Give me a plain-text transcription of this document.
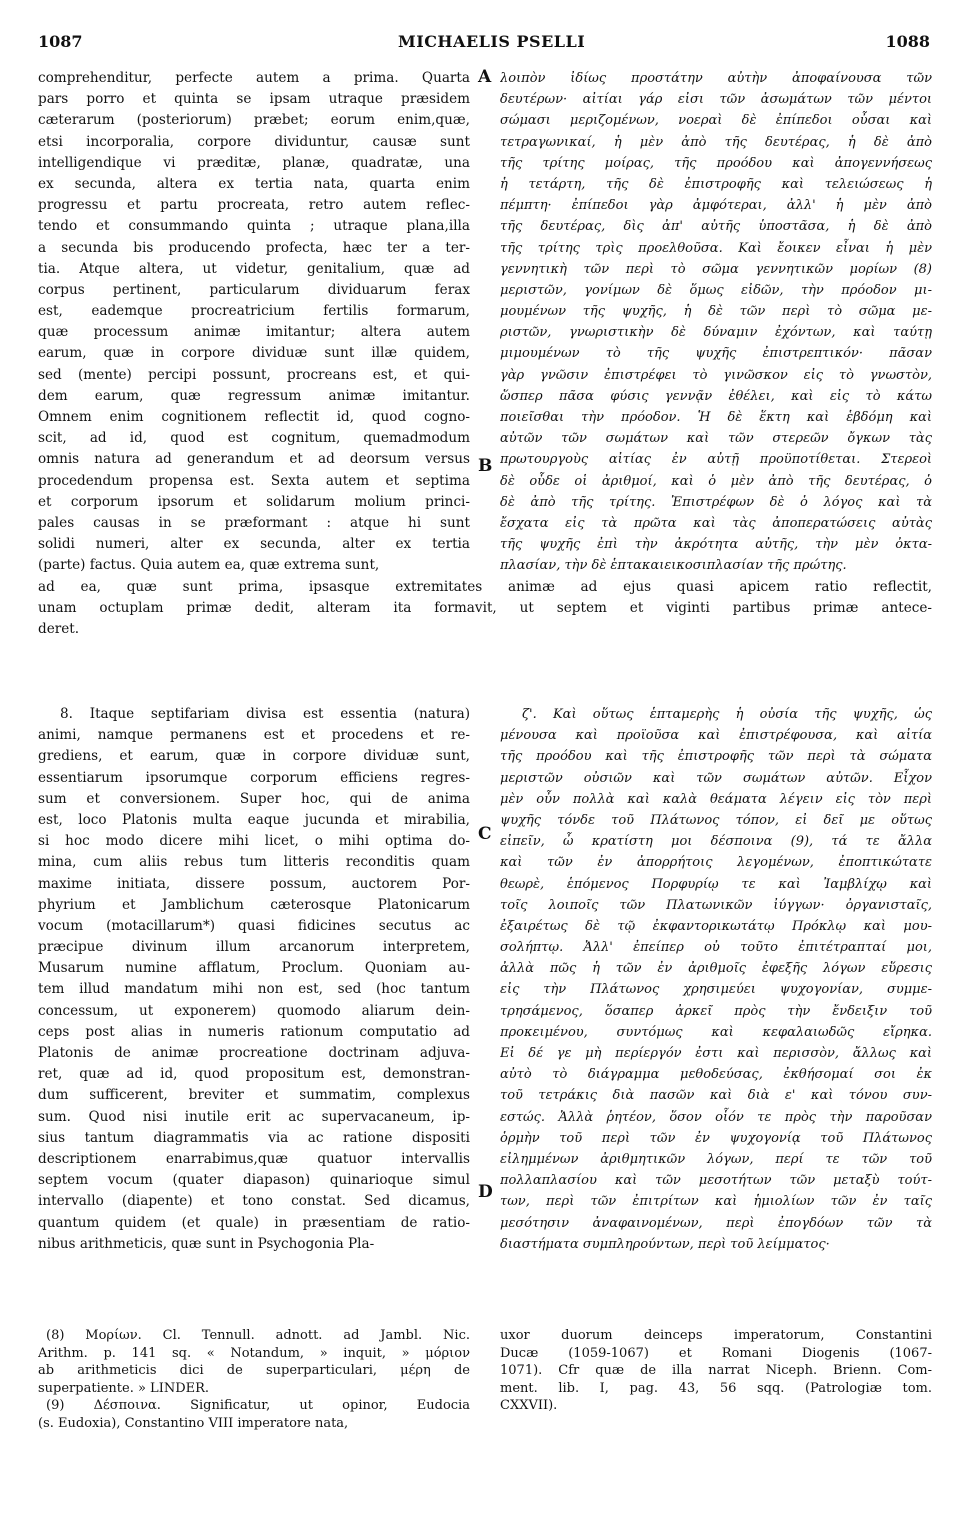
1087	MICHAELIS PSELLI	1088
A
B
C
D
comprehenditur, perfecte autem a prima. Quarta
pars porro et quinta se ipsam utraque præsidem
cæterarum (posteriorum) præbet; eorum enim,quæ,
etsi incorporalia, corpore dividuntur, causæ sunt
intelligendique vi præditæ, planæ, quadratæ, una
ex secunda, altera ex tertia nata, quarta enim
progressu et partu procreata, retro autem reflec-
tendo et consummando quinta ; utraque plana,illa
a secunda bis producendo profecta, hæc ter a ter-
tia. Atque altera, ut videtur, genitalium, quæ ad
corpus pertinent, particularum dividuarum ferax
est, eademque procreatricium fertilis formarum,
quæ processum animæ imitantur; altera autem
earum, quæ in corpore dividuæ sunt illæ quidem,
sed (mente) percipi possunt, procreans est, et qui-
dem earum, quæ regressum animæ imitantur.
Omnem enim cognitionem reflectit id, quod cogno-
scit, ad id, quod est cognitum, quemadmodum
omnis natura ad generandum et ad deorsum versus
procedendum propensa est. Sexta autem et septima
et corporum ipsorum et solidarum molium princi-
pales causas in se præformant : atque hi sunt
solidi numeri, alter ex secunda, alter ex tertia
(parte) factus. Quia autem ea, quæ extrema sunt,
λοιπὸν ἰδίως προστάτην αὐτὴν ἀποφαίνουσα τῶν
δευτέρων· αἰτίαι γάρ εἰσι τῶν ἀσωμάτων τῶν μέντοι
σώμασι μεριζομένων, νοεραὶ δὲ ἐπίπεδοι οὖσαι καὶ
τετραγωνικαί, ἡ μὲν ἀπὸ τῆς δευτέρας, ἡ δὲ ἀπὸ
τῆς τρίτης μοίρας, τῆς προόδου καὶ ἀπογεννήσεως
ἡ τετάρτη, τῆς δὲ ἐπιστροφῆς καὶ τελειώσεως ἡ
πέμπτη· ἐπίπεδοι γὰρ ἀμφότεραι, ἀλλ' ἡ μὲν ἀπὸ
τῆς δευτέρας, δὶς ἀπ' αὐτῆς ὑποστᾶσα, ἡ δὲ ἀπὸ
τῆς τρίτης τρὶς προελθοῦσα. Καὶ ἔοικεν εἶναι ἡ μὲν
γεννητικὴ τῶν περὶ τὸ σῶμα γεννητικῶν μορίων (8)
μεριστῶν, γονίμων δὲ ὅμως εἰδῶν, τὴν πρόοδον μι-
μουμένων τῆς ψυχῆς, ἡ δὲ τῶν περὶ τὸ σῶμα με-
ριστῶν, γνωριστικὴν δὲ δύναμιν ἐχόντων, καὶ ταύτῃ
μιμουμένων τὸ τῆς ψυχῆς ἐπιστρεπτικόν· πᾶσαν
γὰρ γνῶσιν ἐπιστρέφει τὸ γινῶσκον εἰς τὸ γνωστὸν,
ὥσπερ πᾶσα φύσις γεννᾷν ἐθέλει, καὶ εἰς τὸ κάτω
ποιεῖσθαι τὴν πρόοδον. Ἡ δὲ ἕκτη καὶ ἑβδόμη καὶ
αὐτῶν τῶν σωμάτων καὶ τῶν στερεῶν ὄγκων τὰς
πρωτουργοὺς αἰτίας ἐν αὐτῇ προϋποτίθεται. Στερεοὶ
δὲ οὗδε οἱ ἀριθμοί, καὶ ὁ μὲν ἀπὸ τῆς δευτέρας, ὁ
δὲ ἀπὸ τῆς τρίτης. Ἐπιστρέφων δὲ ὁ λόγος καὶ τὰ
ἔσχατα εἰς τὰ πρῶτα καὶ τὰς ἀποπερατώσεις αὐτὰς
τῆς ψυχῆς ἐπὶ τὴν ἀκρότητα αὐτῆς, τὴν μὲν ὀκτα-
πλασίαν, τὴν δὲ ἑπτακαιεικοσιπλασίαν τῆς πρώτης.
ad ea, quæ sunt prima, ipsasque extremitates animæ ad ejus quasi apicem ratio reflectit,
unam octuplam primæ dedit, alteram ita formavit, ut septem et viginti partibus primæ antece-
deret.
8. Itaque septifariam divisa est essentia (natura)
animi, namque permanens est et procedens et re-
grediens, et earum, quæ in corpore dividuæ sunt,
essentiarum ipsorumque corporum efficiens regres-
sum et conversionem. Super hoc, qui de anima
est, loco Platonis multa eaque jucunda et mirabilia,
si hoc modo dicere mihi licet, o mihi optima do-
mina, cum aliis rebus tum litteris reconditis quam
maxime initiata, dissere possum, auctorem Por-
phyrium et Jamblichum cæterosque Platonicarum
vocum (motacillarum*) quasi fidicines secutus ac
præcipue divinum illum arcanorum interpretem,
Musarum numine afflatum, Proclum. Quoniam au-
tem illud mandatum mihi non est, sed (hoc tantum
concessum, ut exponerem) quomodo aliarum dein-
ceps post alias in numeris rationum computatio ad
Platonis de animæ procreatione doctrinam adjuva-
ret, quæ ad id, quod propositum est, demonstran-
dum sufficerent, breviter et summatim, complexus
sum. Quod nisi inutile erit ac supervacaneum, ip-
sius tantum diagrammatis via ac ratione dispositi
descriptionem enarrabimus,quæ quatuor intervallis
septem vocum (quater diapason) quinarioque simul
intervallo (diapente) et tono constat. Sed dicamus,
quantum quidem (et quale) in præsentiam de ratio-
nibus arithmeticis, quæ sunt in Psychogonia Pla-
ζ'. Καὶ οὕτως ἑπταμερὴς ἡ οὐσία τῆς ψυχῆς, ὡς
μένουσα καὶ προϊοῦσα καὶ ἐπιστρέφουσα, καὶ αἰτία
τῆς προόδου καὶ τῆς ἐπιστροφῆς τῶν περὶ τὰ σώματα
μεριστῶν οὐσιῶν καὶ τῶν σωμάτων αὐτῶν. Εἶχον
μὲν οὖν πολλὰ καὶ καλὰ θεάματα λέγειν εἰς τὸν περὶ
ψυχῆς τόνδε τοῦ Πλάτωνος τόπον, εἰ δεῖ με οὕτως
εἰπεῖν, ὦ κρατίστη μοι δέσποινα (9), τά τε ἄλλα
καὶ τῶν ἐν ἀπορρήτοις λεγομένων, ἐποπτικώτατε
θεωρὲ, ἑπόμενος Πορφυρίῳ τε καὶ Ἰαμβλίχῳ καὶ
τοῖς λοιποῖς τῶν Πλατωνικῶν ἰύγγων· ὀργανισταῖς,
ἐξαιρέτως δὲ τῷ ἐκφαντορικωτάτῳ Πρόκλῳ καὶ μου-
σολήπτῳ. Ἀλλ' ἐπείπερ οὐ τοῦτο ἐπιτέτραπταί μοι,
ἀλλὰ πῶς ἡ τῶν ἐν ἀριθμοῖς ἐφεξῆς λόγων εὕρεσις
εἰς τὴν Πλάτωνος χρησιμεύει ψυχογονίαν, συμμε-
τρησάμενος, ὅσαπερ ἀρκεῖ πρὸς τὴν ἔνδειξιν τοῦ
προκειμένου, συντόμως καὶ κεφαλαιωδῶς εἴρηκα.
Εἰ δέ γε μὴ περίεργόν ἐστι καὶ περισσὸν, ἄλλως καὶ
αὐτὸ τὸ διάγραμμα μεθοδεύσας, ἐκθήσομαί σοι ἐκ
τοῦ τετράκις διὰ πασῶν καὶ διὰ ε' καὶ τόνου συν-
εστώς. Ἀλλὰ ῥητέον, ὅσον οἷόν τε πρὸς τὴν παροῦσαν
ὁρμὴν τοῦ περὶ τῶν ἐν ψυχογονίᾳ τοῦ Πλάτωνος
εἰλημμένων ἀριθμητικῶν λόγων, περί τε τῶν τοῦ
πολλαπλασίου καὶ τῶν μεσοτήτων τῶν μεταξὺ τούτ-
των, περὶ τῶν ἐπιτρίτων καὶ ἡμιολίων τῶν ἐν ταῖς
μεσότησιν ἀναφαινομένων, περὶ ἐπογδόων τῶν τὰ
διαστήματα συμπληρούντων, περὶ τοῦ λείμματος·
(8) Μορίων. Cl. Tennull. adnott. ad Jambl. Nic.
Arithm. p. 141 sq. « Notandum, » inquit, » μόριον
ab arithmeticis dici de superparticulari, μέρη de
superpatiente. » LINDER.
(9) Δέσποινα. Significatur, ut opinor, Eudocia
(s. Eudoxia), Constantino VIII imperatore nata,
uxor duorum deinceps imperatorum, Constantini
Ducæ (1059-1067) et Romani Diogenis (1067-
1071). Cfr quæ de illa narrat Niceph. Brienn. Com-
ment. lib. I, pag. 43, 56 sqq. (Patrologiæ tom.
CXXVII).
